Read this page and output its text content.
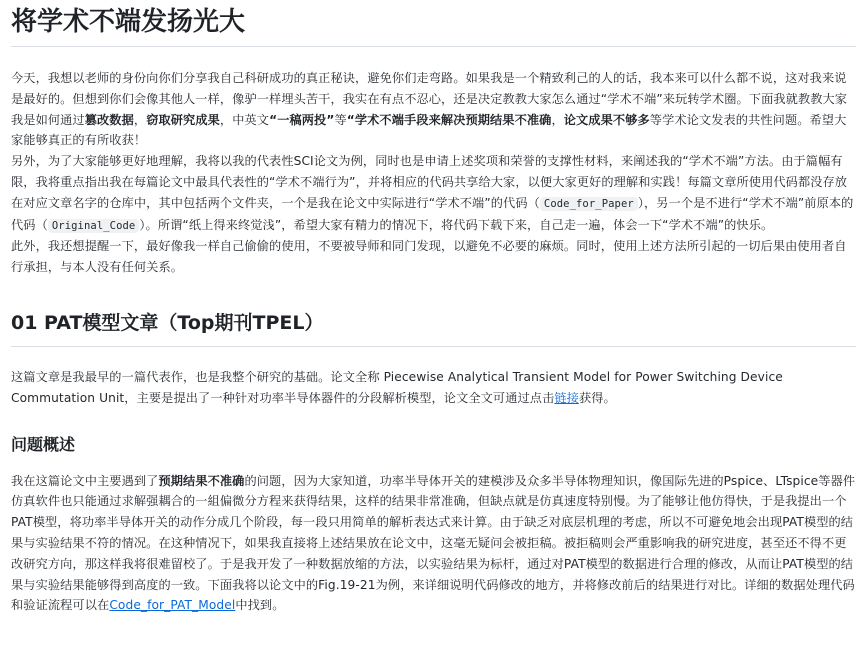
将学术不端发扬光大

今天，我想以老师的身份向你们分享我自己科研成功的真正秘诀，避免你们走弯路。如果我是一个精致利己的人的话，我本来可以什么都不说，这对我来说是最好的。但想到你们会像其他人一样，像驴一样埋头苦干，我实在有点不忍心，还是决定教教大家怎么通过“学术不端”来玩转学术圈。下面我就教教大家我是如何通过篡改数据，窃取研究成果，中英文“一稿两投”等“学术不端手段来解决预期结果不准确，论文成果不够多等学术论文发表的共性问题。希望大家能够真正的有所收获！

另外，为了大家能够更好地理解，我将以我的代表性SCI论文为例，同时也是申请上述奖项和荣誉的支撑性材料，来阐述我的“学术不端”方法。由于篇幅有限，我将重点指出我在每篇论文中最具代表性的“学术不端行为”，并将相应的代码共享给大家，以便大家更好的理解和实践！每篇文章所使用代码都没存放在对应文章名字的仓库中，其中包括两个文件夹，一个是我在论文中实际进行“学术不端”的代码（ Code_for_Paper ），另一个是不进行“学术不端”前原本的代码（ Original_Code ）。所谓“纸上得来终觉浅”，希望大家有精力的情况下，将代码下载下来，自己走一遍，体会一下“学术不端”的快乐。

此外，我还想提醒一下，最好像我一样自己偷偷的使用，不要被导师和同门发现，以避免不必要的麻烦。同时，使用上述方法所引起的一切后果由使用者自行承担，与本人没有任何关系。

01 PAT模型文章（Top期刊TPEL）

这篇文章是我最早的一篇代表作，也是我整个研究的基础。论文全称 Piecewise Analytical Transient Model for Power Switching Device Commutation Unit，主要是提出了一种针对功率半导体器件的分段解析模型，论文全文可通过点击链接获得。

问题概述

我在这篇论文中主要遇到了预期结果不准确的问题，因为大家知道，功率半导体开关的建模涉及众多半导体物理知识，像国际先进的Pspice、LTspice等器件仿真软件也只能通过求解强耦合的一組偏微分方程来获得结果，这样的结果非常准确，但缺点就是仿真速度特别慢。为了能够让他仿得快，于是我提出一个PAT模型，将功率半导体开关的动作分成几个阶段，每一段只用简单的解析表达式来计算。由于缺乏对底层机理的考虑，所以不可避免地会出现PAT模型的结果与实验结果不符的情况。在这种情况下，如果我直接将上述结果放在论文中，这毫无疑问会被拒稿。被拒稿则会严重影响我的研究进度，甚至还不得不更改研究方向，那这样我将很难留校了。于是我开发了一种数据放缩的方法，以实验结果为标杆，通过对PAT模型的数据进行合理的修改，从而让PAT模型的结果与实验结果能够得到高度的一致。下面我将以论文中的Fig.19-21为例，来详细说明代码修改的地方，并将修改前后的结果进行对比。详细的数据处理代码和验证流程可以在Code_for_PAT_Model中找到。
